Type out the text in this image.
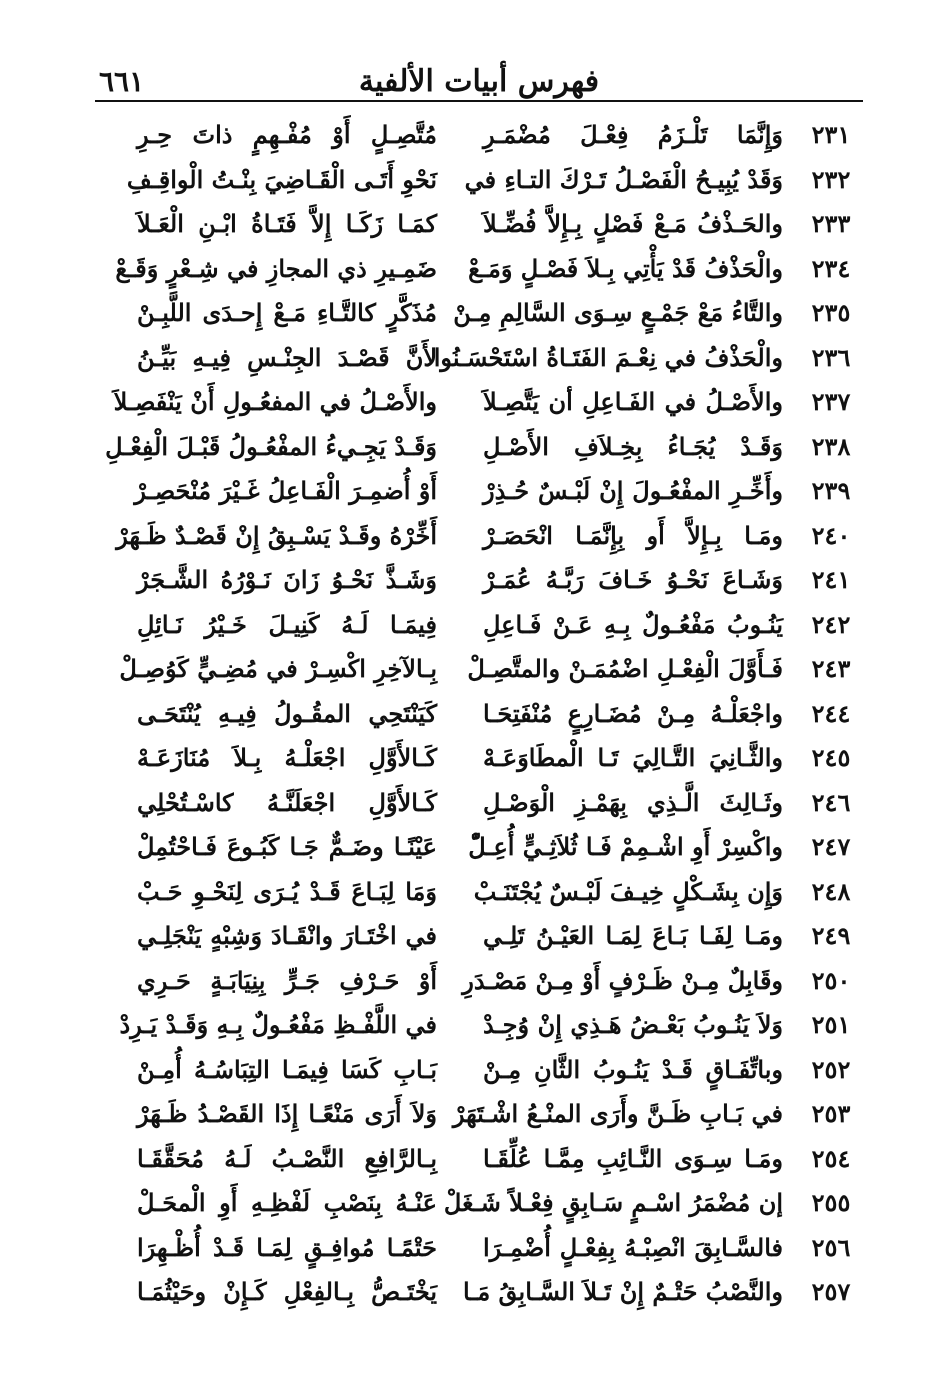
فهرس أبيات الألفية
٦٦١
٢٣١
وَإِنَّمَا تَلْـزَمُ فِعْـلَ مُضْمَـرِ
مُتَّصِـلٍ أَوْ مُفْـهِمٍ ذاتَ حِـرِ
٢٣٢
وَقَدْ يُبِيـحُ الْفَصْـلُ تَـرْكَ التـاءِ في
نَحْوِ أَتَـى الْقَـاضِيَ بِنْـتُ الْواقِـفِ
٢٣٣
والحَـذْفُ مَـعْ فَصْلٍ بِـإِلاَّ فُضِّـلاَ
كمَـا زَكَـا إِلاَّ فَتَـاةُ ابْـنِ الْعَـلاَ
٢٣٤
والْحَذْفُ قَدْ يَأْتِي بِـلاَ فَصْـلٍ وَمَـعْ
ضَمِـيرِ ذي المجازِ في شِـعْرٍ وَقَـعْ
٢٣٥
والتَّاءُ مَعْ جَمْـعٍ سِـوَى السَّالِمِ مِـنْ
مُذَكَّرٍ كالتَّـاءِ مَـعْ إِحـدَى اللَّبِـنْ
٢٣٦
والْحَذْفُ في نِعْـمَ الفَتَـاةُ اسْتَحْسَـنُوا
لأَنَّ قَصْـدَ الجِنْـسِ فِيـهِ بَيِّـنُ
٢٣٧
والأَصْـلُ في الفَـاعِلِ أن يَتَّصِـلاَ
والأَصْـلُ في المفعُـولِ أَنْ يَنْفَصِـلاَ
٢٣٨
وَقَـدْ يُجَـاءُ بِخِـلاَفِ الأَصْـلِ
وَقَـدْ يَجِـيءُ المفْعُـولُ قَبْـلَ الْفِعْـلِ
٢٣٩
وأَخِّـرِ المفْعُـولَ إِنْ لَبْـسٌ حُـذِرْ
أَوْ أُضمِـرَ الْفَـاعِلُ غَـيْرَ مُنْحَصِـرْ
٢٤٠
ومَـا بِـإِلاَّ أَو بِإِنَّمَـا انْحَصَـرْ
أَخِّرْهُ وقَـدْ يَسْـبِقُ إِنْ قَصْـدٌ ظَـهَرْ
٢٤١
وَشَـاعَ نَحْـوُ خَـافَ رَبَّـهُ عُمَـرْ
وَشَـذَّ نَحْـوُ زَانَ نَـوْرُهُ الشَّـجَرْ
٢٤٢
يَنُـوبُ مَفْعُـولٌ بِـهِ عَـنْ فَـاعِلِ
فِيمَـا لَـهُ كَنِيـلَ خَـيْرُ نَـائِلِ
٢٤٣
فَـأَوَّلَ الْفِعْـلِ اضْمُمَـنْ والمتَّصِـلْ
بِـالآخِرِ اكْسِـرْ في مُضِـيٍّ كَوُصِـلْ
٢٤٤
واجْعَلْـهُ مِـنْ مُضَـارِعٍ مُنْفَتِحَـا
كَيَنْتَحِي المقُـولُ فِيـهِ يُنْتَحَـى
٢٤٥
والثَّـانِيَ التَّـالِيَ تَـا الْمطَاوَعَـهْ
كَـالأَوَّلِ اجْعَلْـهُ بِـلاَ مُنَازَعَـهْ
٢٤٦
وثَـالِثَ الَّـذِي بِهَمْـزِ الْوَصْـلِ
كَـالأَوَّلِ اجْعَلَنَّـهُ كاسْـتُحْلِي
٢٤٧
واكْسِرْ أَوِ اشْـمِمْ فَـا ثُلاَثِـيٍّ أُعِـلّْ
عَيْنًـا وضَـمٌّ جَـا كَبُـوعَ فَـاحْتُمِلْ
٢٤٨
وَإِن بِشَـكْلٍ خِيـفَ لَبْـسٌ يُجْتَنَـبْ
وَمَا لِبَـاعَ قَـدْ يُـرَى لِنَحْـوِ حَـبْ
٢٤٩
ومَـا لِفَـا بَـاعَ لِمَـا العَيْـنُ تَلِـي
في اخْتَـارَ وانْقَـادَ وَشِبْهٍ يَنْجَلِـي
٢٥٠
وقَابِلٌ مِـنْ ظَـرْفٍ أَوْ مِـنْ مَصْـدَرِ
أَوْ حَـرْفِ جَـرٍّ بِنِيَابَـةٍ حَـرِي
٢٥١
وَلاَ يَنُـوبُ بَعْـضُ هَـذِي إِنْ وُجِـدْ
في اللَّفْـظِ مَفْعُـولٌ بِـهِ وَقَـدْ يَـرِدْ
٢٥٢
وباتِّفَـاقٍ قَـدْ يَنُـوبُ الثَّانِ مِـنْ
بَـابِ كَسَا فِيمَـا التِبَاسُـهُ أُمِـنْ
٢٥٣
في بَـابِ ظَـنَّ وأَرَى المنْـعُ اشْـتَهَرْ
وَلاَ أَرَى مَنْعًـا إِذَا القَصْـدُ ظَـهَرْ
٢٥٤
ومَـا سِـوَى النَّـائِبِ مِمَّـا عُلِّقَـا
بِـالرَّافِعِ النَّصْـبُ لَـهُ مُحَقَّقَـا
٢٥٥
إن مُضْمَرُ اسْـمٍ سَـابِقٍ فِعْـلاً شَـغَلْ
عَنْـهُ بِنَصْبِ لَفْظِـهِ أَوِ الْمحَـلْ
٢٥٦
فالسَّـابِقَ انْصِبْـهُ بِفِعْـلٍ أُضْمِـرَا
حَتْمًـا مُوافِـقٍ لِمَـا قَـدْ أُظْـهِرَا
٢٥٧
والنَّصْبُ حَتْـمٌ إِنْ تَـلاَ السَّـابِقُ مَـا
يَخْتَـصُّ بِـالفِعْلِ كَـإِنْ وحَيْثُمَـا
